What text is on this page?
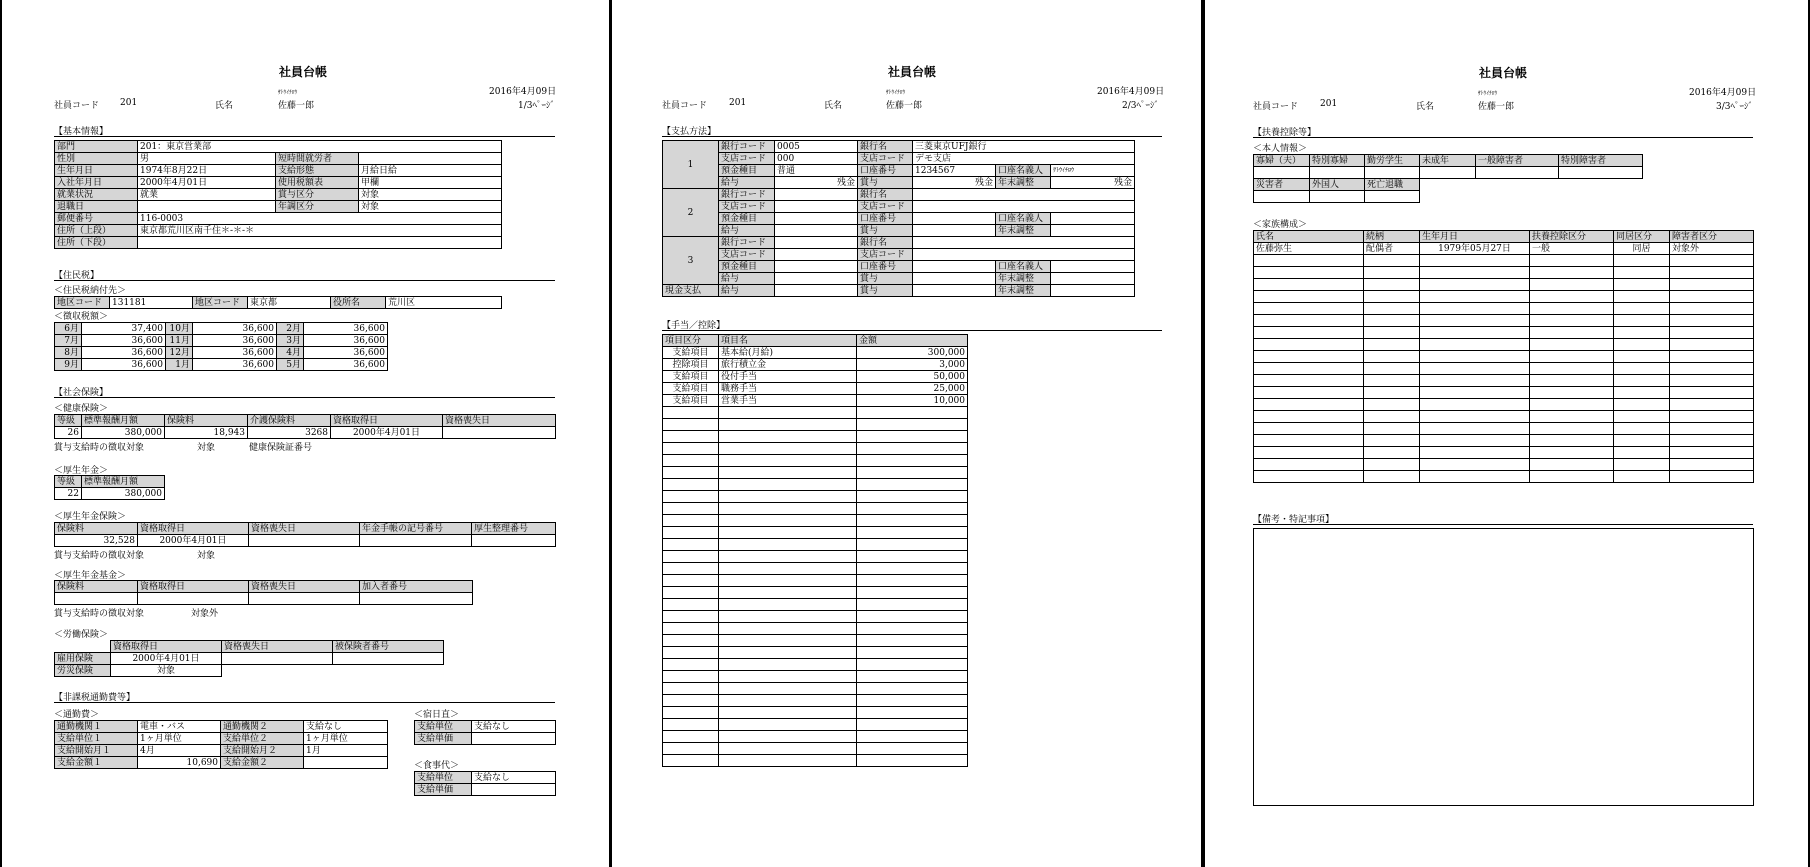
社員台帳
ｻﾄｳｲﾁﾛｳ	2016年4月09日
社員コード 201	氏名	佐藤一郎	1/3ﾍﾟｰｼﾞ
【基本情報】
部門	201：東京営業部		
性別	男	短時間就労者	
生年月日	1974年8月22日	支給形態	月給日給
入社年月日	2000年4月01日	使用税額表	甲欄
就業状況	就業	賞与区分	対象
退職日		年調区分	対象
郵便番号	116-0003		
住所（上段）	東京都荒川区南千住＊-＊-＊		
住所（下段）			
【住民税】
＜住民税納付先＞
地区コード	131181	地区コード	東京都	役所名	荒川区
＜徴収税額＞
6月	37,400	10月	36,600	2月	36,600
7月	36,600	11月	36,600	3月	36,600
8月	36,600	12月	36,600	4月	36,600
9月	36,600	1月	36,600	5月	36,600
【社会保険】
＜健康保険＞
等級	標準報酬月額	保険料	介護保険料	資格取得日	資格喪失日
26	380,000	18,943	3268	2000年4月01日	
賞与支給時の徴収対象	対象	健康保険証番号
＜厚生年金＞
等級	標準報酬月額
22	380,000
＜厚生年金保険＞
保険料	資格取得日	資格喪失日	年金手帳の記号番号	厚生整理番号
32,528	2000年4月01日			
賞与支給時の徴収対象	対象
＜厚生年金基金＞
保険料	資格取得日	資格喪失日	加入者番号

賞与支給時の徴収対象	対象外
＜労働保険＞
	資格取得日	資格喪失日	被保険者番号
雇用保険	2000年4月01日		
労災保険	対象		
【非課税通勤費等】
＜通勤費＞
通勤機関１	電車・バス	通勤機関２	支給なし
支給単位１	1ヶ月単位	支給単位２	1ヶ月単位
支給開始月１	4月	支給開始月２	1月
支給金額１	10,690	支給金額２	
＜宿日直＞
支給単位	支給なし
支給単価	
＜食事代＞
支給単位	支給なし
支給単価	
社員台帳
ｻﾄｳｲﾁﾛｳ	2016年4月09日
社員コード 201	氏名	佐藤一郎	2/3ﾍﾟｰｼﾞ
【支払方法】
1	銀行コード	0005	銀行名	三菱東京UFJ銀行		
	支店コード	000	支店コード	デモ支店		
	預金種目	普通	口座番号	1234567	口座名義人	ｻﾄｳｲﾁﾛｳ
	給与	残金	賞与	残金	年末調整	残金
2	銀行コード		銀行名			
	支店コード		支店コード			
	預金種目		口座番号		口座名義人	
	給与		賞与		年末調整	
3	銀行コード		銀行名			
	支店コード		支店コード			
	預金種目		口座番号		口座名義人	
	給与		賞与		年末調整	
現金支払	給与		賞与		年末調整	
【手当／控除】
項目区分	項目名	金額
支給項目	基本給(月給)	300,000
控除項目	旅行積立金	3,000
支給項目	役付手当	50,000
支給項目	職務手当	25,000
支給項目	営業手当	10,000

社員台帳
ｻﾄｳｲﾁﾛｳ	2016年4月09日
社員コード 201	氏名	佐藤一郎	3/3ﾍﾟｰｼﾞ
【扶養控除等】
＜本人情報＞
寡婦（夫）	特別寡婦	勤労学生	未成年	一般障害者	特別障害者

災害者	外国人	死亡退職			

＜家族構成＞
氏名	続柄	生年月日	扶養控除区分	同居区分	障害者区分
佐藤弥生	配偶者	1979年05月27日	一般	同居	対象外

【備考・特記事項】
